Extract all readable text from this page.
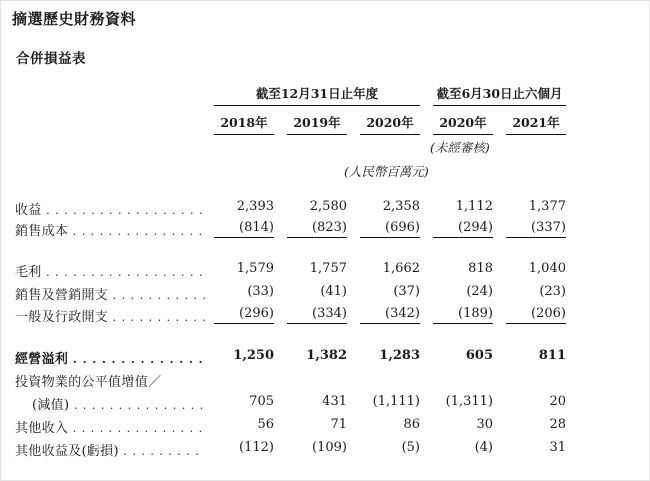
摘選歷史財務資料
合併損益表
截至12月31日止年度	截至6月30日止六個月
2018年	2019年	2020年	2020年	2021年
(未經審核)
(人民幣百萬元)
收益 . . .	2,393	2,580	2,358	1,112	1,377
銷售成本 . . .	(814)	(823)	(696)	(294)	(337)
毛利 . . .	1,579	1,757	1,662	818	1,040
銷售及營銷開支 . . .	(33)	(41)	(37)	(24)	(23)
一般及行政開支 . . .	(296)	(334)	(342)	(189)	(206)
經營溢利 . . .	1,250	1,382	1,283	605	811
投資物業的公平值增值／
(減值) . . .	705	431	(1,111)	(1,311)	20
其他收入 . . .	56	71	86	30	28
其他收益及(虧損) . . .	(112)	(109)	(5)	(4)	31
